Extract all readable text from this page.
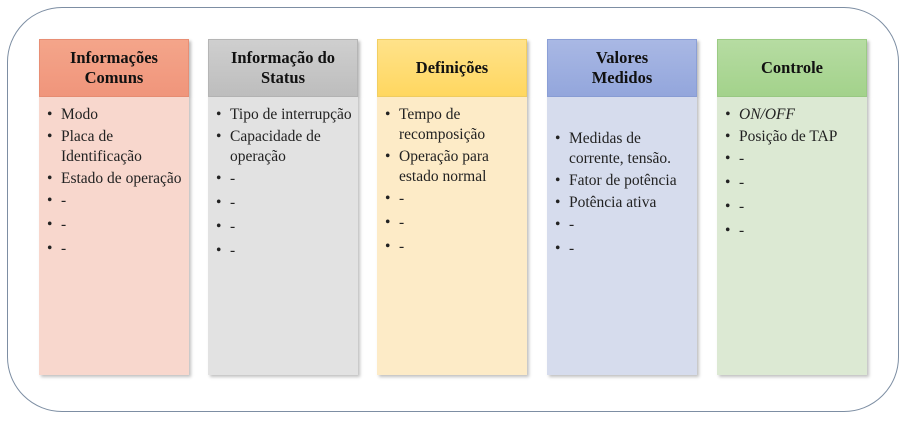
Informações
Comuns
• Modo
• Placa de Identificação
• Estado de operação
• -
• -
• -
Informação do
Status
• Tipo de interrupção
• Capacidade de operação
• -
• -
• -
• -
Definições
• Tempo de recomposição
• Operação para estado normal
• -
• -
• -
Valores
Medidos
• Medidas de corrente, tensão.
• Fator de potência
• Potência ativa
• -
• -
Controle
• ON/OFF
• Posição de TAP
• -
• -
• -
• -
